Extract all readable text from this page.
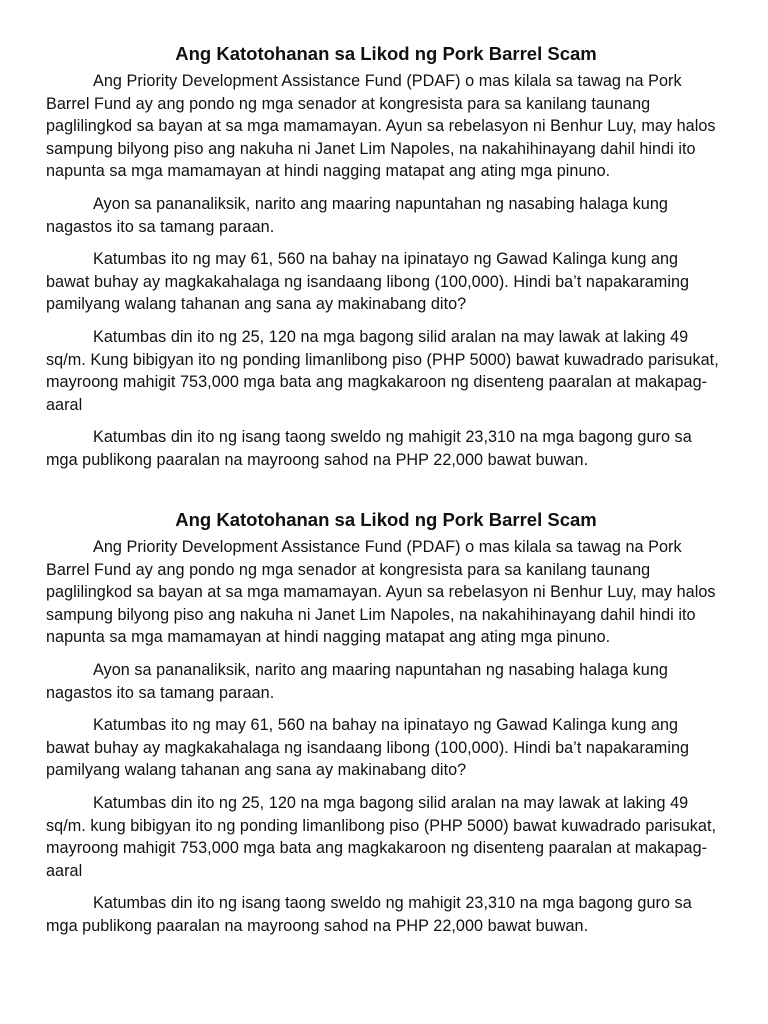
Ang Katotohanan sa Likod ng Pork Barrel Scam

Ang Priority Development Assistance Fund (PDAF) o mas kilala sa tawag na Pork Barrel Fund ay ang pondo ng mga senador at kongresista para sa kanilang taunang paglilingkod sa bayan at sa mga mamamayan. Ayun sa rebelasyon ni Benhur Luy, may halos sampung bilyong piso ang nakuha ni Janet Lim Napoles, na nakahihinayang dahil hindi ito napunta sa mga mamamayan at hindi nagging matapat ang ating mga pinuno.

Ayon sa pananaliksik, narito ang maaring napuntahan ng nasabing halaga kung nagastos ito sa tamang paraan.

Katumbas ito ng may 61, 560 na bahay na ipinatayo ng Gawad Kalinga kung ang bawat buhay ay magkakahalaga ng isandaang libong (100,000). Hindi ba’t napakaraming pamilyang walang tahanan ang sana ay makinabang dito?

Katumbas din ito ng 25, 120 na mga bagong silid aralan na may lawak at laking 49 sq/m. Kung bibigyan ito ng ponding limanlibong piso (PHP 5000) bawat kuwadrado parisukat, mayroong mahigit 753,000 mga bata ang magkakaroon ng disenteng paaralan at makapag-aaral

Katumbas din ito ng isang taong sweldo ng mahigit 23,310 na mga bagong guro sa mga publikong paaralan na mayroong sahod na PHP 22,000 bawat buwan.

Ang Katotohanan sa Likod ng Pork Barrel Scam

Ang Priority Development Assistance Fund (PDAF) o mas kilala sa tawag na Pork Barrel Fund ay ang pondo ng mga senador at kongresista para sa kanilang taunang paglilingkod sa bayan at sa mga mamamayan. Ayun sa rebelasyon ni Benhur Luy, may halos sampung bilyong piso ang nakuha ni Janet Lim Napoles, na nakahihinayang dahil hindi ito napunta sa mga mamamayan at hindi nagging matapat ang ating mga pinuno.

Ayon sa pananaliksik, narito ang maaring napuntahan ng nasabing halaga kung nagastos ito sa tamang paraan.

Katumbas ito ng may 61, 560 na bahay na ipinatayo ng Gawad Kalinga kung ang bawat buhay ay magkakahalaga ng isandaang libong (100,000). Hindi ba’t napakaraming pamilyang walang tahanan ang sana ay makinabang dito?

Katumbas din ito ng 25, 120 na mga bagong silid aralan na may lawak at laking 49 sq/m. kung bibigyan ito ng ponding limanlibong piso (PHP 5000) bawat kuwadrado parisukat, mayroong mahigit 753,000 mga bata ang magkakaroon ng disenteng paaralan at makapag-aaral

Katumbas din ito ng isang taong sweldo ng mahigit 23,310 na mga bagong guro sa mga publikong paaralan na mayroong sahod na PHP 22,000 bawat buwan.
